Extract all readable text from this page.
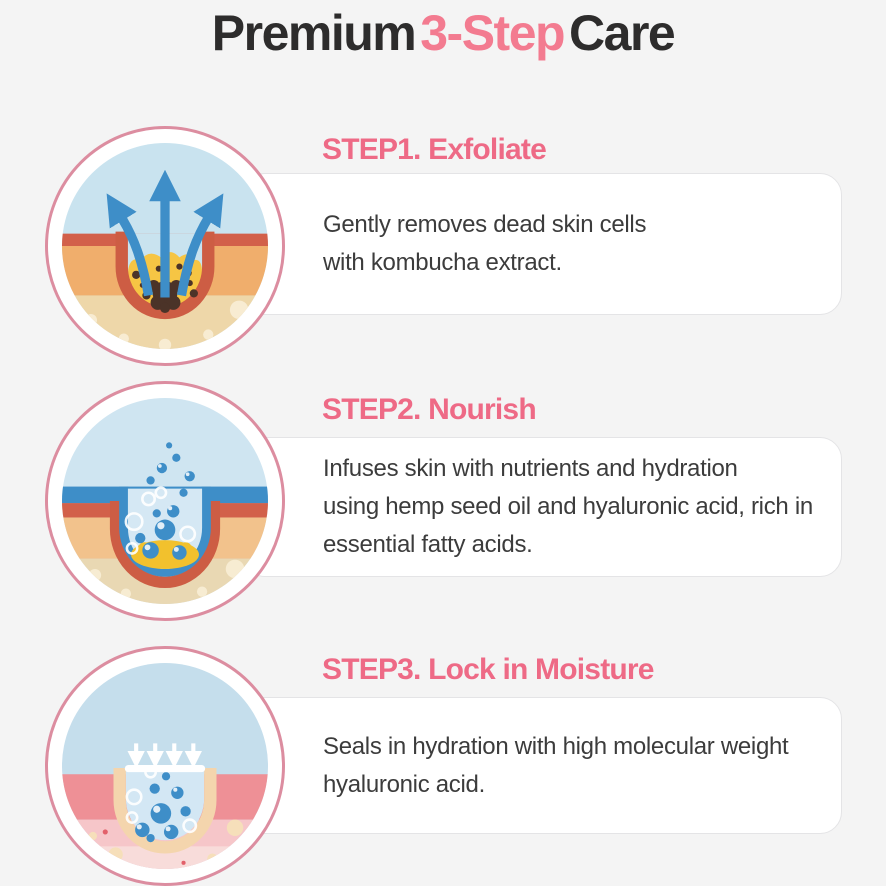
Premium 3-Step Care
STEP1. Exfoliate
Gently removes dead skin cells
with kombucha extract.
STEP2. Nourish
Infuses skin with nutrients and hydration
using hemp seed oil and hyaluronic acid, rich in
essential fatty acids.
STEP3. Lock in Moisture
Seals in hydration with high molecular weight
hyaluronic acid.
